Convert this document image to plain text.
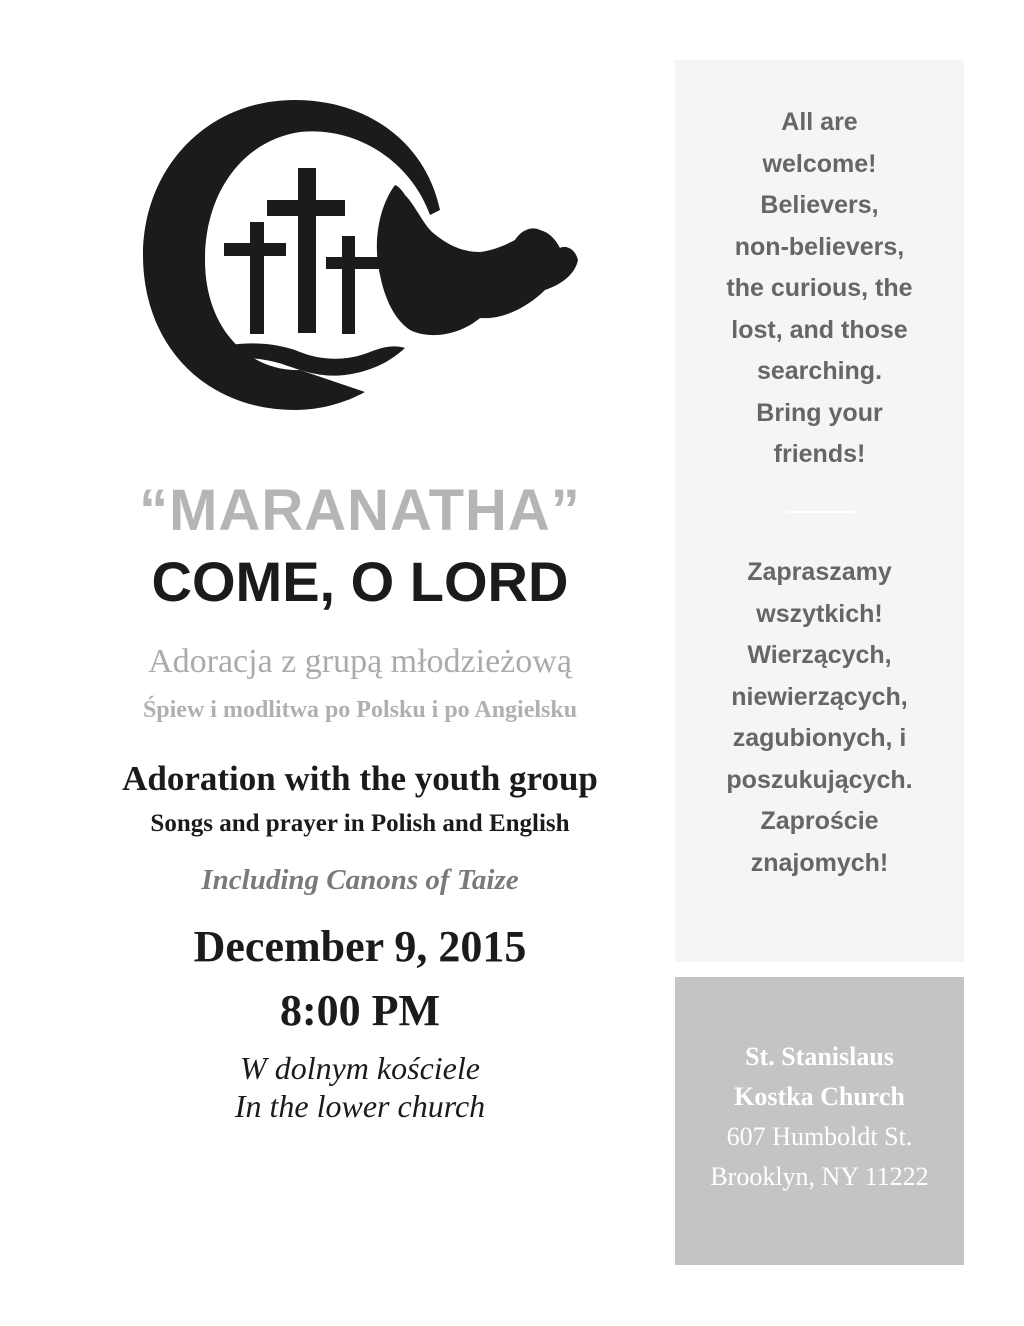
“MARANATHA”
COME, O LORD
Adoracja z grupą młodzieżową
Śpiew i modlitwa po Polsku i po Angielsku
Adoration with the youth group
Songs and prayer in Polish and English
Including Canons of Taize
December 9, 2015
8:00 PM
W dolnym kościele
In the lower church
All are
welcome!
Believers,
non-believers,
the curious, the
lost, and those
searching.
Bring your
friends!
Zapraszamy
wszytkich!
Wierzących,
niewierzących,
zagubionych, i
poszukujących.
Zaproście
znajomych!
St. Stanislaus
Kostka Church
607 Humboldt St.
Brooklyn, NY 11222
